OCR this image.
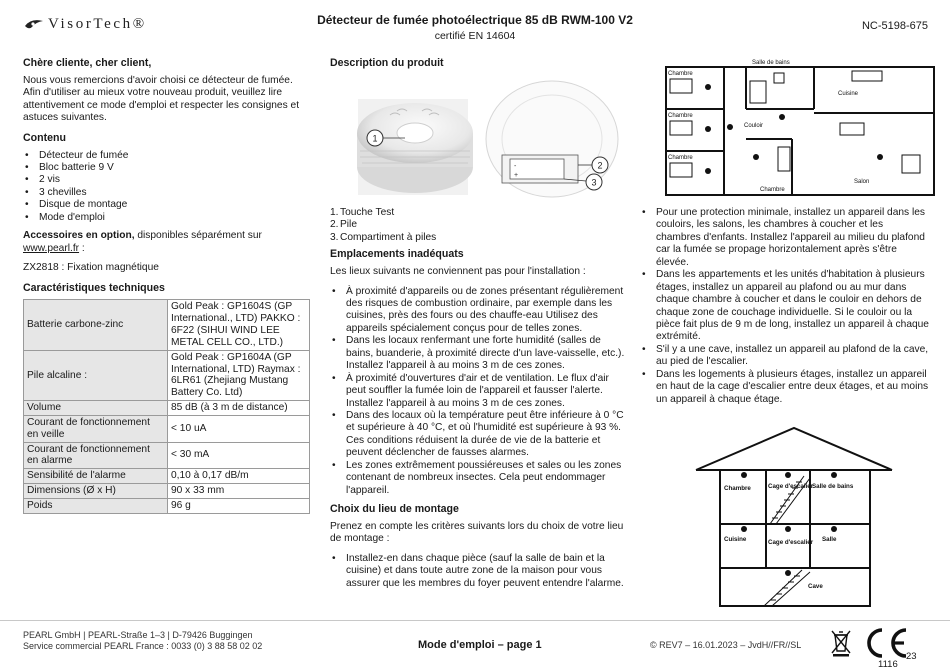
VisorTech®	Détecteur de fumée photoélectrique 85 dB RWM-100 V2
certifié EN 14604
NC-5198-675
Chère cliente, cher client,

Nous vous remercions d'avoir choisi ce détecteur de fumée. Afin d'utiliser au mieux votre nouveau produit, veuillez lire attentivement ce mode d'emploi et respecter les consignes et astuces suivantes.

Contenu
• Détecteur de fumée
• Bloc batterie 9 V
• 2 vis
• 3 chevilles
• Disque de montage
• Mode d'emploi

Accessoires en option, disponibles séparément sur www.pearl.fr :

ZX2818 : Fixation magnétique

Caractéristiques techniques
Batterie carbone-zinc	Gold Peak : GP1604S (GP International., LTD) PAKKO : 6F22 (SIHUI WIND LEE METAL CELL CO., LTD.)
Pile alcaline :	Gold Peak : GP1604A (GP International, LTD) Raymax : 6LR61 (Zhejiang Mustang Battery Co. Ltd)
Volume	85 dB (à 3 m de distance)
Courant de fonctionnement en veille	< 10 uA
Courant de fonctionnement en alarme	< 30 mA
Sensibilité de l'alarme	0,10 à 0,17 dB/m
Dimensions (Ø x H)	90 x 33 mm
Poids	96 g
Description du produit
-
+
1
2
3
1. Touche Test
2. Pile
3. Compartiment à piles
Emplacements inadéquats

Les lieux suivants ne conviennent pas pour l'installation :

• À proximité d'appareils ou de zones présentant régulièrement des risques de combustion ordinaire, par exemple dans les cuisines, près des fours ou des chauffe-eau Utilisez des appareils spécialement conçus pour de telles zones.
• Dans les locaux renfermant une forte humidité (salles de bains, buanderie, à proximité directe d'un lave-vaisselle, etc.). Installez l'appareil à au moins 3 m de ces zones.
• À proximité d'ouvertures d'air et de ventilation. Le flux d'air peut souffler la fumée loin de l'appareil et fausser l'alerte. Installez l'appareil à au moins 3 m de ces zones.
• Dans des locaux où la température peut être inférieure à 0 °C et supérieure à 40 °C, et où l'humidité est supérieure à 93 %. Ces conditions réduisent la durée de vie de la batterie et peuvent déclencher de fausses alarmes.
• Les zones extrêmement poussiéreuses et sales ou les zones contenant de nombreux insectes. Cela peut endommager l'appareil.
Choix du lieu de montage

Prenez en compte les critères suivants lors du choix de votre lieu de montage :

• Installez-en dans chaque pièce (sauf la salle de bain et la cuisine) et dans toute autre zone de la maison pour vous assurer que les membres du foyer peuvent entendre l'alarme.
Chambre
Chambre
Chambre
Salle de bains
Cuisine
Couloir
Chambre
Salon
• Pour une protection minimale, installez un appareil dans les couloirs, les salons, les chambres à coucher et les chambres d'enfants. Installez l'appareil au milieu du plafond car la fumée se propage horizontalement après s'être élevée.
• Dans les appartements et les unités d'habitation à plusieurs étages, installez un appareil au plafond ou au mur dans chaque chambre à coucher et dans le couloir en dehors de chaque zone de couchage individuelle. Si le couloir ou la pièce fait plus de 9 m de long, installez un appareil à chaque extrémité.
• S'il y a une cave, installez un appareil au plafond de la cave, au pied de l'escalier.
• Dans les logements à plusieurs étages, installez un appareil en haut de la cage d'escalier entre deux étages, et au moins un appareil à chaque étage.
Chambre	Cage d'escalier
Salle de bains
Cuisine	Cage d'escalier Salle
Cave
PEARL GmbH | PEARL-Straße 1–3 | D-79426 Buggingen
Service commercial PEARL France : 0033 (0) 3 88 58 02 02	Mode d'emploi – page 1	© REV7 – 16.01.2023 – JvdH//FR//SL
1116
23
